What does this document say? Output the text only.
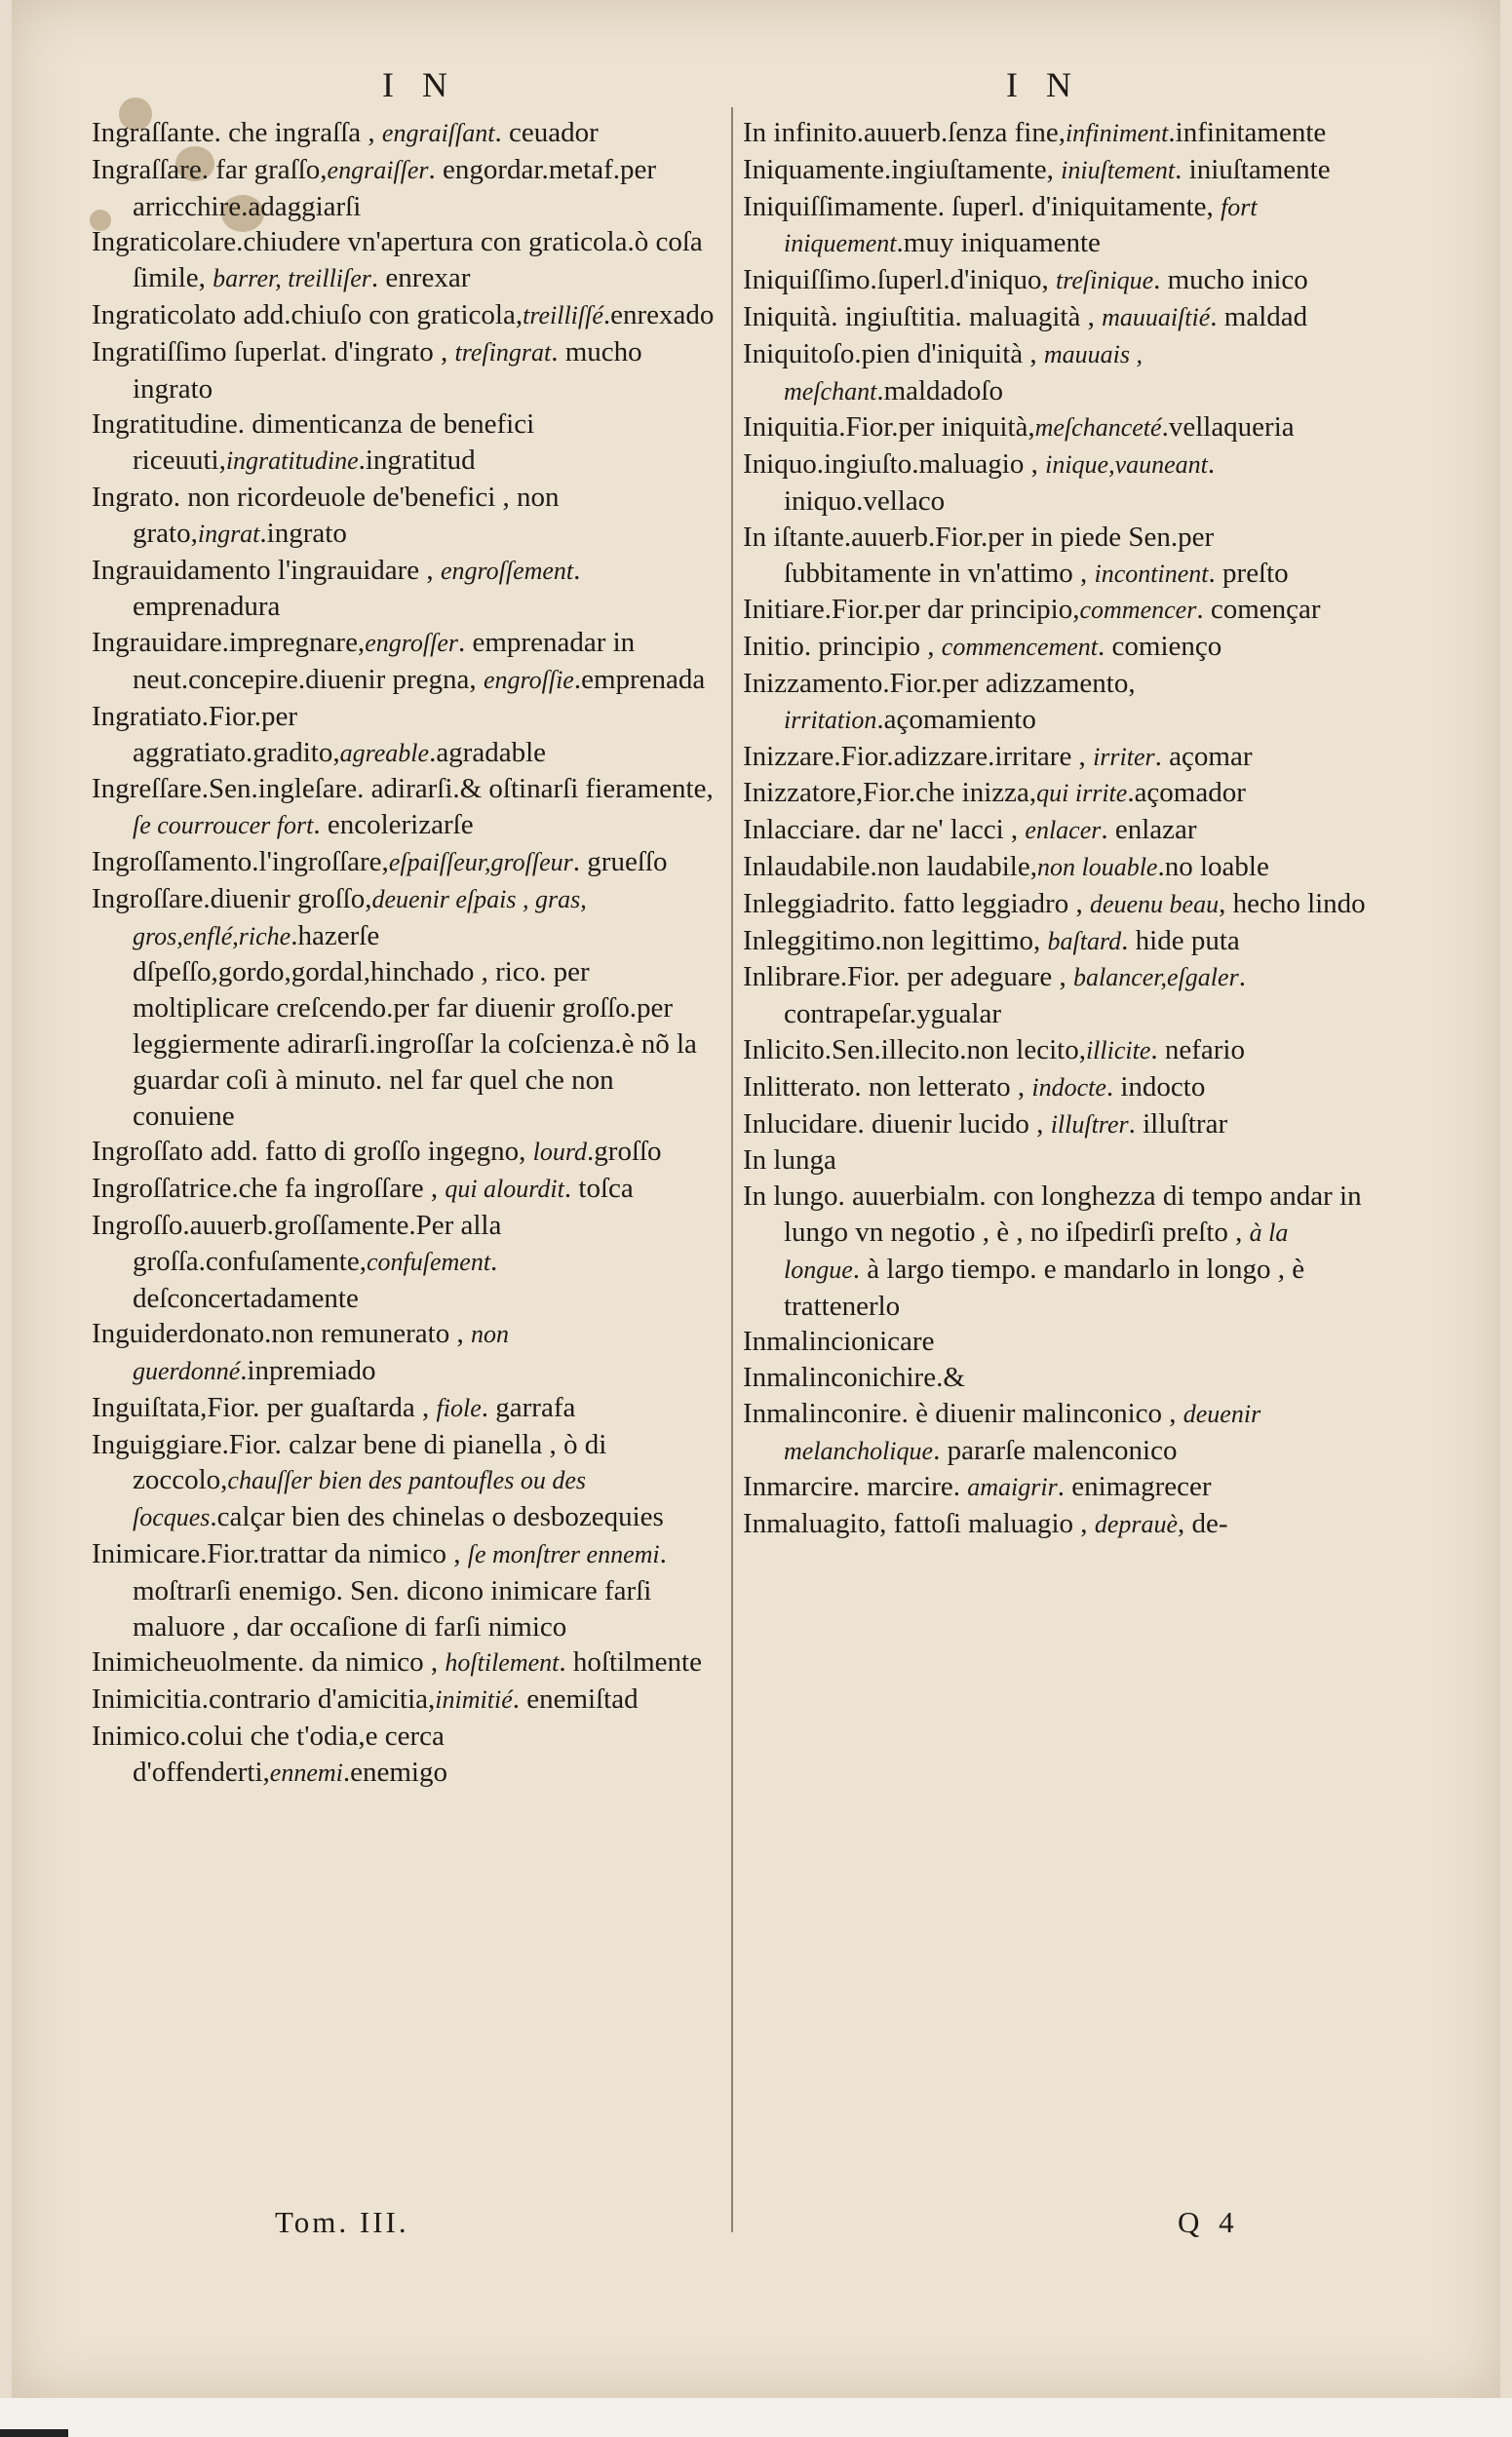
I N	I N

Ingraſſante. che ingraſſa , engraiſſant. ceuador

Ingraſſare. far graſſo,engraiſſer. engordar.metaf.per arricchire.adaggiarſi

Ingraticolare.chiudere vn'apertura con graticola.ò coſa ſimile, barrer, treilliſer. enrexar

Ingraticolato add.chiuſo con graticola,treilliſſé.enrexado

Ingratiſſimo ſuperlat. d'ingrato , treſingrat. mucho ingrato

Ingratitudine. dimenticanza de benefici riceuuti,ingratitudine.ingratitud

Ingrato. non ricordeuole de'benefici , non grato,ingrat.ingrato

Ingrauidamento l'ingrauidare , engroſſement. emprenadura

Ingrauidare.impregnare,engroſſer. emprenadar in neut.concepire.diuenir pregna, engroſſie.emprenada

Ingratiato.Fior.per aggratiato.gradito,agreable.agradable

Ingreſſare.Sen.ingleſare. adirarſi.& oſtinarſi fieramente, ſe courroucer fort. encolerizarſe

Ingroſſamento.l'ingroſſare,eſpaiſſeur,groſſeur. grueſſo

Ingroſſare.diuenir groſſo,deuenir eſpais , gras, gros,enflé,riche.hazerſe dſpeſſo,gordo,gordal,hinchado , rico. per moltiplicare creſcendo.per far diuenir groſſo.per leggiermente adirarſi.ingroſſar la coſcienza.è nõ la guardar coſi à minuto. nel far quel che non conuiene

Ingroſſato add. fatto di groſſo ingegno, lourd.groſſo

Ingroſſatrice.che fa ingroſſare , qui alourdit. toſca

Ingroſſo.auuerb.groſſamente.Per alla groſſa.confuſamente,confuſement. deſconcertadamente

Inguiderdonato.non remunerato , non guerdonné.inpremiado

Inguiſtata,Fior. per guaſtarda , fiole. garrafa

Inguiggiare.Fior. calzar bene di pianella , ò di zoccolo,chauſſer bien des pantoufles ou des ſocques.calçar bien des chinelas o desbozequies

Inimicare.Fior.trattar da nimico , ſe monſtrer ennemi. moſtrarſi enemigo. Sen. dicono inimicare farſi maluore , dar occaſione di farſi nimico

Inimicheuolmente. da nimico , hoſtilement. hoſtilmente

Inimicitia.contrario d'amicitia,inimitié. enemiſtad

Inimico.colui che t'odia,e cerca d'offenderti,ennemi.enemigo

In infinito.auuerb.ſenza fine,infiniment.infinitamente

Iniquamente.ingiuſtamente, iniuſtement. iniuſtamente

Iniquiſſimamente. ſuperl. d'iniquitamente, fort iniquement.muy iniquamente

Iniquiſſimo.ſuperl.d'iniquo, treſinique. mucho inico

Iniquità. ingiuſtitia. maluagità , mauuaiſtié. maldad

Iniquitoſo.pien d'iniquità , mauuais , meſchant.maldadoſo

Iniquitia.Fior.per iniquità,meſchanceté.vellaqueria

Iniquo.ingiuſto.maluagio , inique,vauneant. iniquo.vellaco

In iſtante.auuerb.Fior.per in piede Sen.per ſubbitamente in vn'attimo , incontinent. preſto

Initiare.Fior.per dar principio,commencer. començar

Initio. principio , commencement. comienço

Inizzamento.Fior.per adizzamento, irritation.açomamiento

Inizzare.Fior.adizzare.irritare , irriter. açomar

Inizzatore,Fior.che inizza,qui irrite.açomador

Inlacciare. dar ne' lacci , enlacer. enlazar

Inlaudabile.non laudabile,non louable.no loable

Inleggiadrito. fatto leggiadro , deuenu beau, hecho lindo

Inleggitimo.non legittimo, baſtard. hide puta

Inlibrare.Fior. per adeguare , balancer,eſgaler. contrapeſar.ygualar

Inlicito.Sen.illecito.non lecito,illicite. nefario

Inlitterato. non letterato , indocte. indocto

Inlucidare. diuenir lucido , illuſtrer. illuſtrar

In lunga

In lungo. auuerbialm. con longhezza di tempo andar in lungo vn negotio , è , no iſpedirſi preſto , à la longue. à largo tiempo. e mandarlo in longo , è trattenerlo

Inmalincionicare

Inmalinconichire.&

Inmalinconire. è diuenir malinconico , deuenir melancholique. pararſe malenconico

Inmarcire. marcire. amaigrir. enimagrecer

Inmaluagito, fattoſi maluagio , deprauè, de-

Tom. III.	Q 4
